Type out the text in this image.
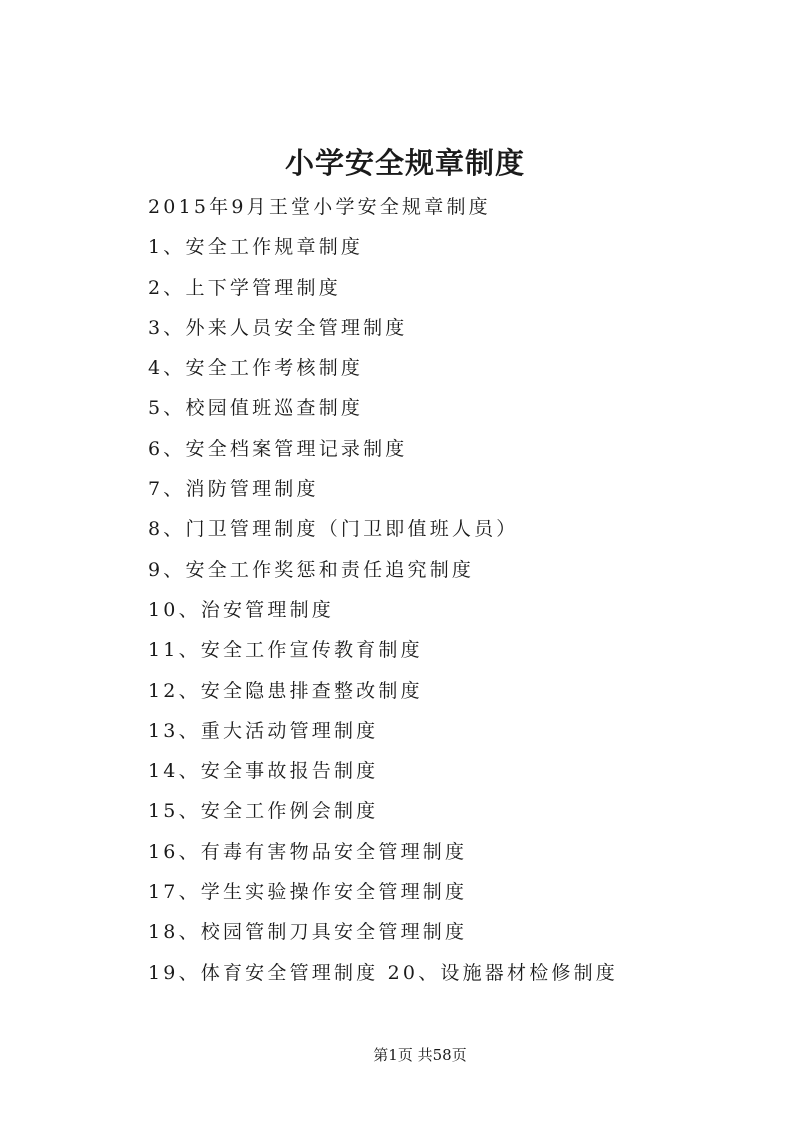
小学安全规章制度
2015年9月王堂小学安全规章制度
1、安全工作规章制度
2、上下学管理制度
3、外来人员安全管理制度
4、安全工作考核制度
5、校园值班巡查制度
6、安全档案管理记录制度
7、消防管理制度
8、门卫管理制度（门卫即值班人员）
9、安全工作奖惩和责任追究制度
10、治安管理制度
11、安全工作宣传教育制度
12、安全隐患排查整改制度
13、重大活动管理制度
14、安全事故报告制度
15、安全工作例会制度
16、有毒有害物品安全管理制度
17、学生实验操作安全管理制度
18、校园管制刀具安全管理制度
19、体育安全管理制度 20、设施器材检修制度
第1页 共58页
